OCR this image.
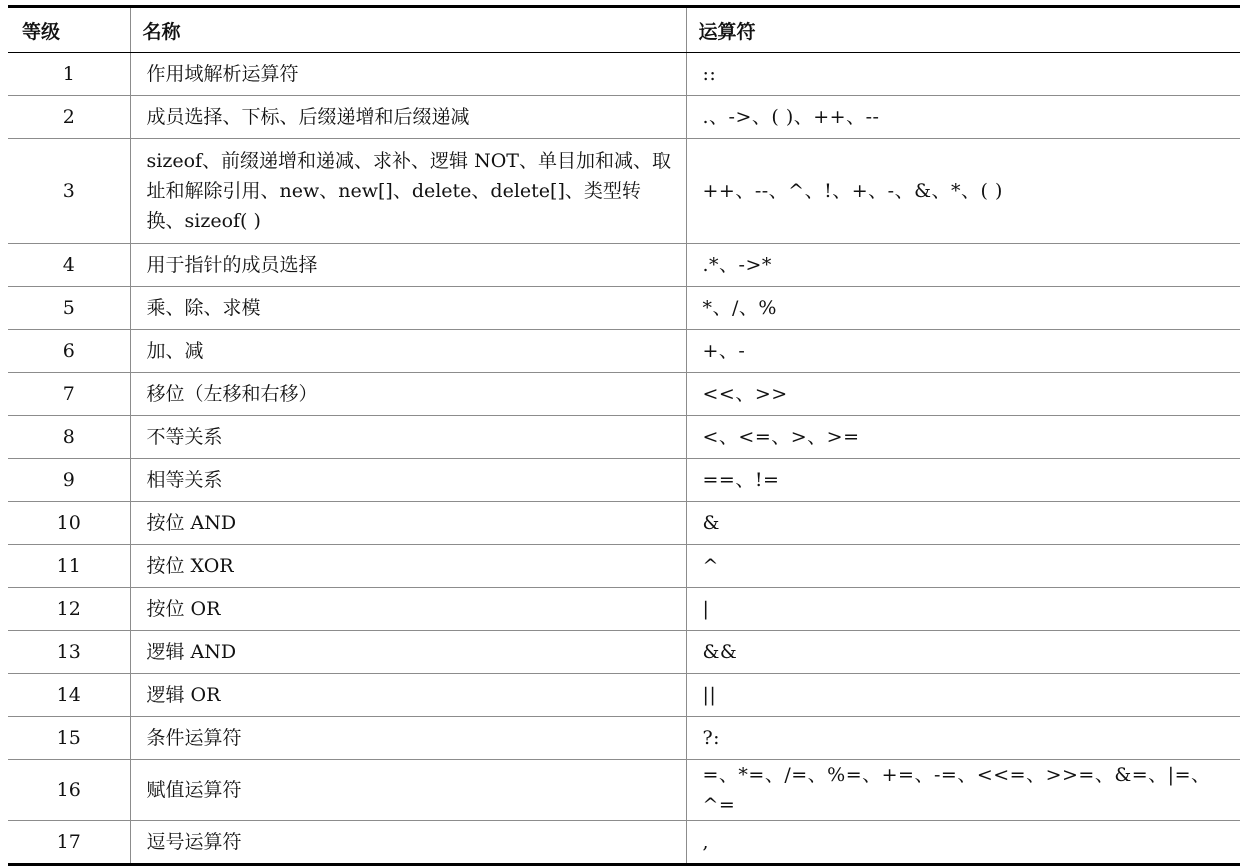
等级	名称	运算符
1	作用域解析运算符	::
2	成员选择、下标、后缀递增和后缀递减	.、->、( )、++、--
3	sizeof、前缀递增和递减、求补、逻辑 NOT、单目加和减、取址和解除引用、new、new[]、delete、delete[]、类型转换、sizeof( )	++、--、^、!、+、-、&、*、( )
4	用于指针的成员选择	.*、->*
5	乘、除、求模	*、/、%
6	加、减	+、-
7	移位（左移和右移）	<<、>>
8	不等关系	<、<=、>、>=
9	相等关系	==、!=
10	按位 AND	&
11	按位 XOR	^
12	按位 OR	|
13	逻辑 AND	&&
14	逻辑 OR	||
15	条件运算符	?:
16	赋值运算符	=、*=、/=、%=、+=、-=、<<=、>>=、&=、|=、^=
17	逗号运算符	,
